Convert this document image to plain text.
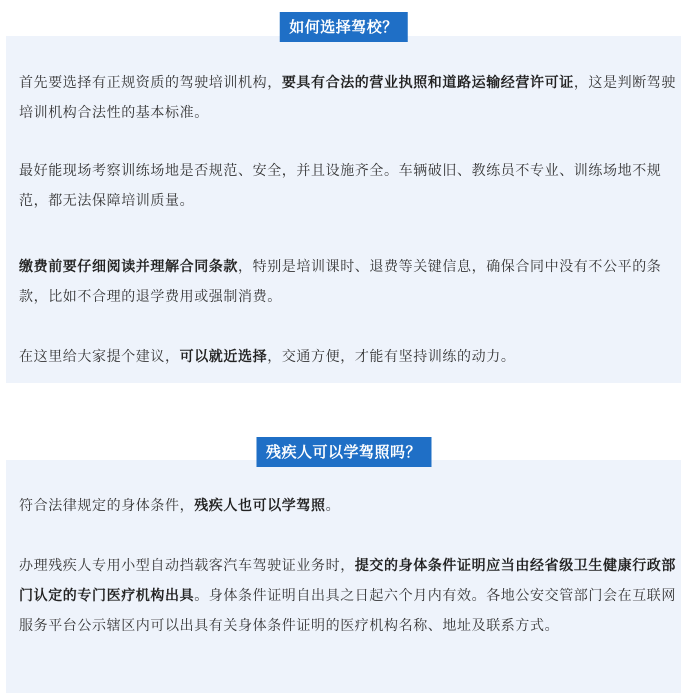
首先要选择有正规资质的驾驶培训机构，要具有合法的营业执照和道路运输经营许可证，这是判断驾驶培训机构合法性的基本标准。

最好能现场考察训练场地是否规范、安全，并且设施齐全。车辆破旧、教练员不专业、训练场地不规范，都无法保障培训质量。

缴费前要仔细阅读并理解合同条款，特别是培训课时、退费等关键信息，确保合同中没有不公平的条款，比如不合理的退学费用或强制消费。

在这里给大家提个建议，可以就近选择，交通方便，才能有坚持训练的动力。

如何选择驾校？

符合法律规定的身体条件，残疾人也可以学驾照。

办理残疾人专用小型自动挡载客汽车驾驶证业务时，提交的身体条件证明应当由经省级卫生健康行政部门认定的专门医疗机构出具。身体条件证明自出具之日起六个月内有效。各地公安交管部门会在互联网服务平台公示辖区内可以出具有关身体条件证明的医疗机构名称、地址及联系方式。

残疾人可以学驾照吗？
